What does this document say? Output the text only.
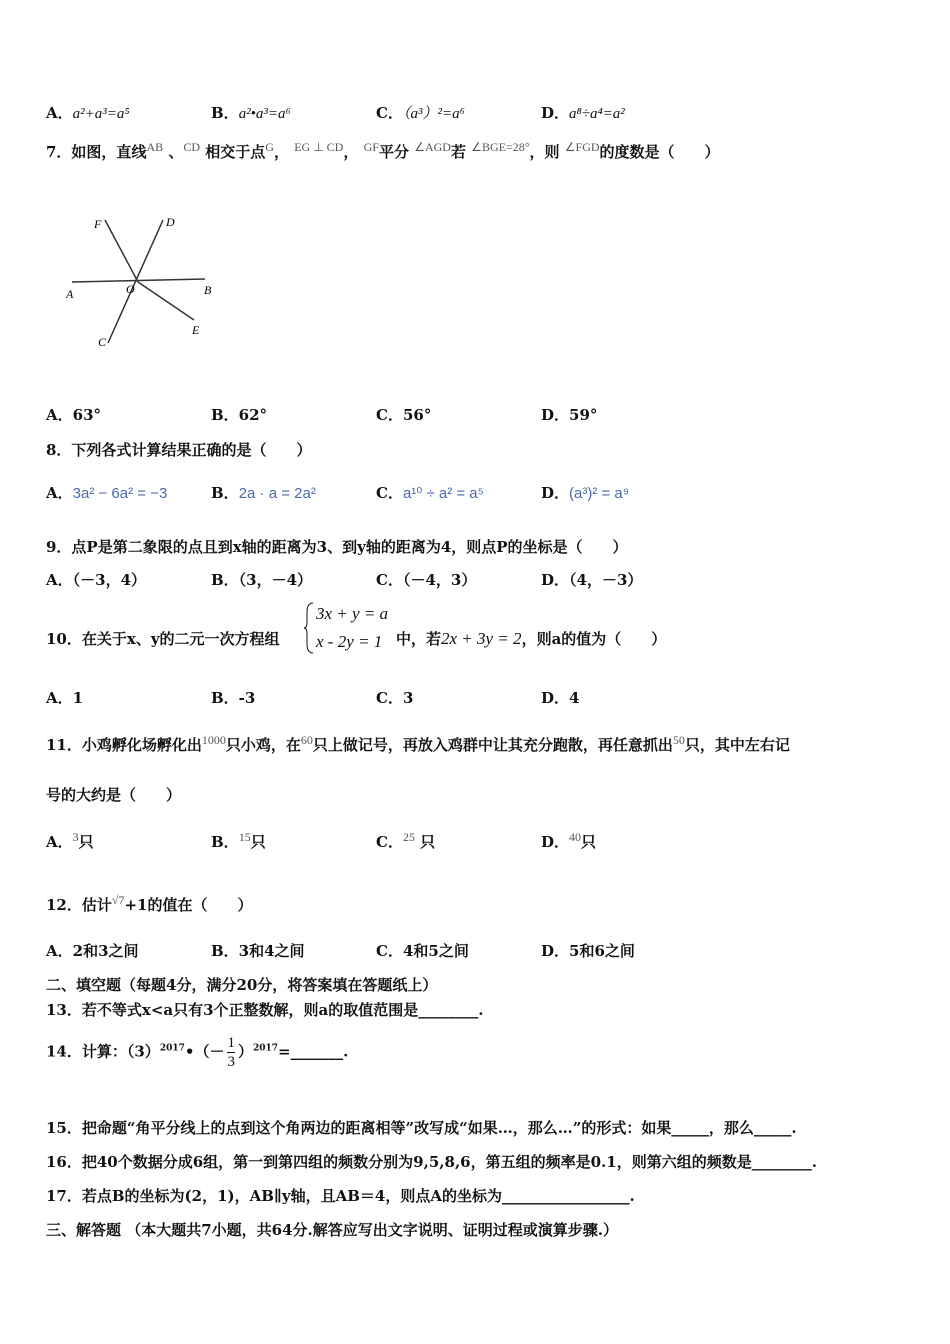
A．a²+a³=a⁵	B．a²•a³=a⁶	C．（a³）²=a⁶	D．a⁸÷a⁴=a²
7．如图，直线$^{AB}$ 、$^{CD}$ 相交于点$^G$， $^{EG \perp CD}$， $^{GF}$平分 $^{\angle AGD}$若 $^{\angle BGE=28^\circ}$，则 $^{\angle FGD}$的度数是（　　）
F	D
A	O	B
C
E
A．63°	B．62°	C．56°	D．59°
8．下列各式计算结果正确的是（　　）
A．3a² − 6a² = −3	B．2a · a = 2a²	C．a¹⁰ ÷ a² = a⁵	D．(a³)² = a⁹
9．点P是第二象限的点且到x轴的距离为3、到y轴的距离为4，则点P的坐标是（　　）
A．（－3，4）	B．（3，－4）	C．（－4，3）	D．（4，－3）
10．在关于x、y的二元一次方程组
3x + y = a
x - 2y = 1 中，若2x + 3y = 2，则a的值为（　　）
A．1	B．-3	C．3	D．4
11．小鸡孵化场孵化出$^{1000}$只小鸡，在$^{60}$只上做记号，再放入鸡群中让其充分跑散，再任意抓出$^{50}$只，其中左右记
号的大约是（　　）
A．$^3$只	B．$^{15}$只	C．$^{25}$ 只	D．$^{40}$只
12．估计$^{√7}$+1的值在（　　）
A．2和3之间	B．3和4之间	C．4和5之间	D．5和6之间
二、填空题（每题4分，满分20分，将答案填在答题纸上）
13．若不等式x<a只有3个正整数解，则a的取值范围是________.
14．计算：$(3)^{2017}•(- \frac{1}{3}$ ）$^{2017}$=_______.
15．把命题“角平分线上的点到这个角两边的距离相等”改写成“如果…，那么…”的形式：如果_____，那么_____.
16．把40个数据分成6组，第一到第四组的频数分别为9,5,8,6，第五组的频率是0.1，则第六组的频数是________.
17．若点B的坐标为(2，1)，AB∥y轴，且AB＝4，则点A的坐标为_________________.
三、解答题 （本大题共7小题，共64分.解答应写出文字说明、证明过程或演算步骤.）
